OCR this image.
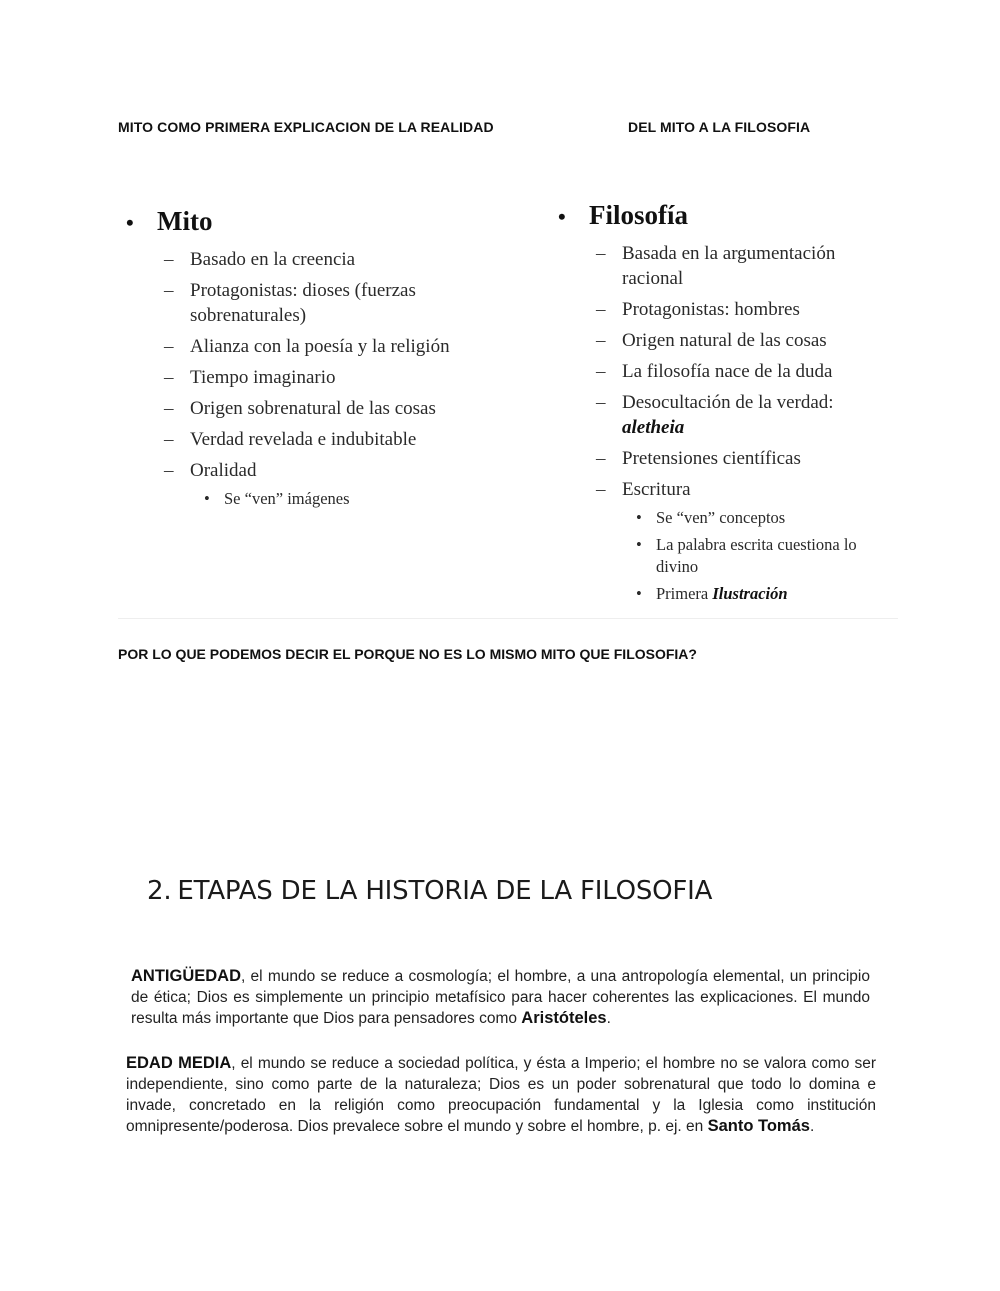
MITO COMO PRIMERA EXPLICACION DE LA REALIDAD	DEL MITO A LA FILOSOFIA
• Mito
– Basado en la creencia
– Protagonistas: dioses (fuerzas sobrenaturales)
– Alianza con la poesía y la religión
– Tiempo imaginario
– Origen sobrenatural de las cosas
– Verdad revelada e indubitable
– Oralidad
• Se “ven” imágenes
• Filosofía
– Basada en la argumentación racional
– Protagonistas: hombres
– Origen natural de las cosas
– La filosofía nace de la duda
– Desocultación de la verdad:
aletheia
– Pretensiones científicas
– Escritura
• Se “ven” conceptos
• La palabra escrita cuestiona lo divino
• Primera Ilustración
POR LO QUE PODEMOS DECIR EL PORQUE NO ES LO MISMO MITO QUE FILOSOFIA?
2. ETAPAS DE LA HISTORIA DE LA FILOSOFIA
ANTIGÜEDAD, el mundo se reduce a cosmología; el hombre, a una antropología elemental, un principio de ética; Dios es simplemente un principio metafísico para hacer coherentes las explicaciones. El mundo resulta más importante que Dios para pensadores como Aristóteles.
EDAD MEDIA, el mundo se reduce a sociedad política, y ésta a Imperio; el hombre no se valora como ser independiente, sino como parte de la naturaleza; Dios es un poder sobrenatural que todo lo domina e invade, concretado en la religión como preocupación fundamental y la Iglesia como institución omnipresente/poderosa. Dios prevalece sobre el mundo y sobre el hombre, p. ej. en Santo Tomás.
